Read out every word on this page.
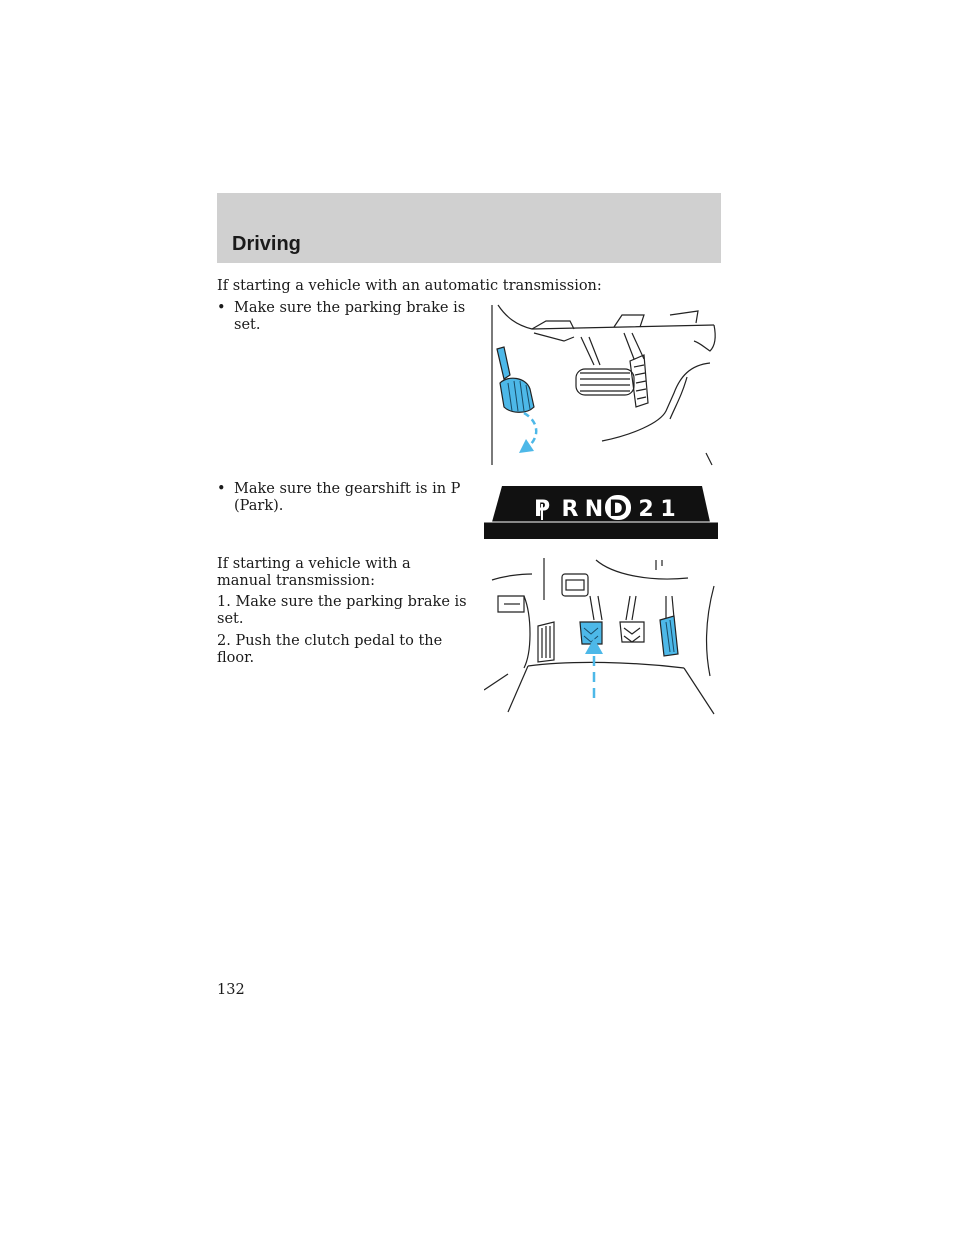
Driving
If starting a vehicle with an automatic transmission:
• Make sure the parking brake is set.
• Make sure the gearshift is in P (Park).
If starting a vehicle with a manual transmission:
1. Make sure the parking brake is set.
2. Push the clutch pedal to the floor.
P R N D 2 1
132
